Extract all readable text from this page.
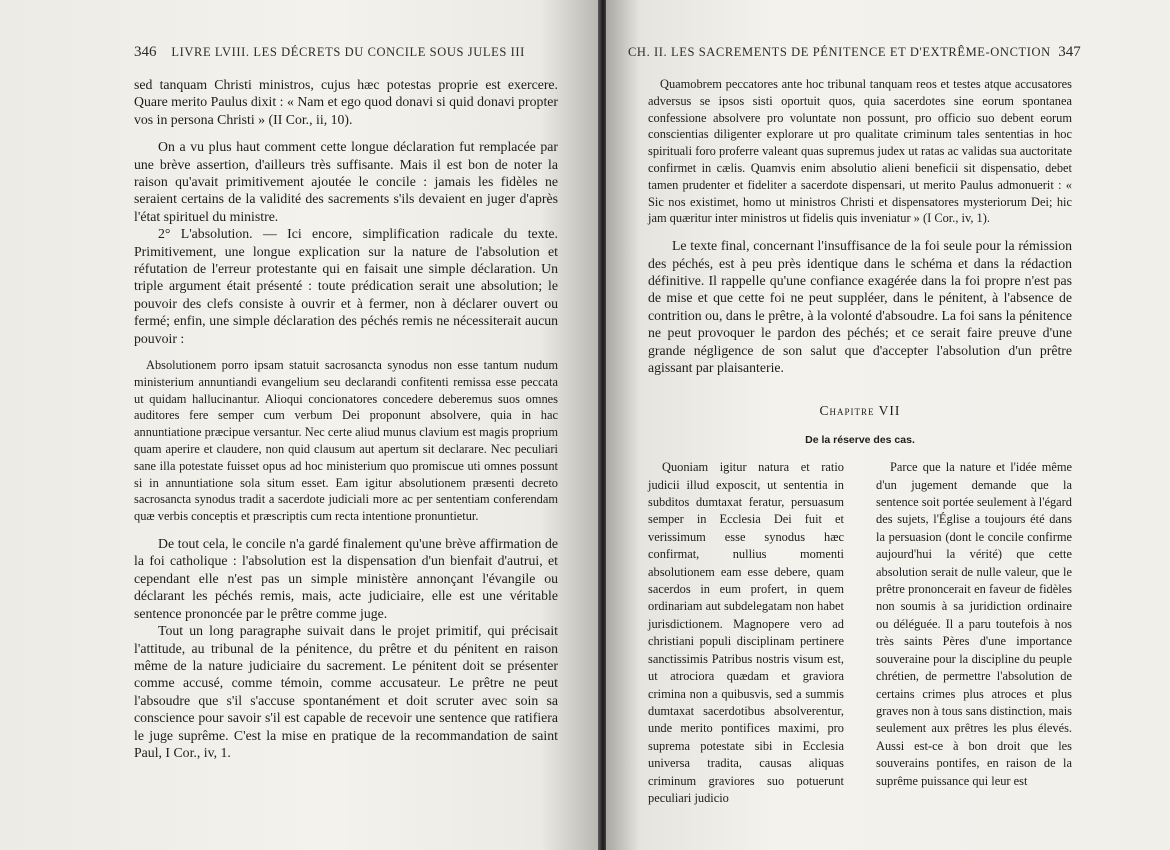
346 LIVRE LVIII. LES DÉCRETS DU CONCILE SOUS JULES III

sed tanquam Christi ministros, cujus hæc potestas proprie est exercere. Quare merito Paulus dixit : « Nam et ego quod donavi si quid donavi propter vos in persona Christi » (II Cor., ii, 10).

On a vu plus haut comment cette longue déclaration fut remplacée par une brève assertion, d'ailleurs très suffisante. Mais il est bon de noter la raison qu'avait primitivement ajoutée le concile : jamais les fidèles ne seraient certains de la validité des sacrements s'ils devaient en juger d'après l'état spirituel du ministre.

2° L'absolution. — Ici encore, simplification radicale du texte. Primitivement, une longue explication sur la nature de l'absolution et réfutation de l'erreur protestante qui en faisait une simple déclaration. Un triple argument était présenté : toute prédication serait une absolution; le pouvoir des clefs consiste à ouvrir et à fermer, non à déclarer ouvert ou fermé; enfin, une simple déclaration des péchés remis ne nécessiterait aucun pouvoir :

Absolutionem porro ipsam statuit sacrosancta synodus non esse tantum nudum ministerium annuntiandi evangelium seu declarandi confitenti remissa esse peccata ut quidam hallucinantur. Alioqui concionatores concedere deberemus suos omnes auditores fere semper cum verbum Dei proponunt absolvere, quia in hac annuntiatione præcipue versantur. Nec certe aliud munus clavium est magis proprium quam aperire et claudere, non quid clausum aut apertum sit declarare. Nec peculiari sane illa potestate fuisset opus ad hoc ministerium quo promiscue uti omnes possunt si in annuntiatione sola situm esset. Eam igitur absolutionem præsenti decreto sacrosancta synodus tradit a sacerdote judiciali more ac per sententiam conferendam quæ verbis conceptis et præscriptis cum recta intentione pronuntietur.

De tout cela, le concile n'a gardé finalement qu'une brève affirmation de la foi catholique : l'absolution est la dispensation d'un bienfait d'autrui, et cependant elle n'est pas un simple ministère annonçant l'évangile ou déclarant les péchés remis, mais, acte judiciaire, elle est une véritable sentence prononcée par le prêtre comme juge.

Tout un long paragraphe suivait dans le projet primitif, qui précisait l'attitude, au tribunal de la pénitence, du prêtre et du pénitent en raison même de la nature judiciaire du sacrement. Le pénitent doit se présenter comme accusé, comme témoin, comme accusateur. Le prêtre ne peut l'absoudre que s'il s'accuse spontanément et doit scruter avec soin sa conscience pour savoir s'il est capable de recevoir une sentence que ratifiera le juge suprême. C'est la mise en pratique de la recommandation de saint Paul, I Cor., iv, 1.

CH. II. LES SACREMENTS DE PÉNITENCE ET D'EXTRÊME-ONCTION 347

Quamobrem peccatores ante hoc tribunal tanquam reos et testes atque accusatores adversus se ipsos sisti oportuit quos, quia sacerdotes sine eorum spontanea confessione absolvere pro voluntate non possunt, pro officio suo debent eorum conscientias diligenter explorare ut pro qualitate criminum tales sententias in hoc spirituali foro proferre valeant quas supremus judex ut ratas ac validas sua auctoritate confirmet in cælis. Quamvis enim absolutio alieni beneficii sit dispensatio, debet tamen prudenter et fideliter a sacerdote dispensari, ut merito Paulus admonuerit : « Sic nos existimet, homo ut ministros Christi et dispensatores mysteriorum Dei; hic jam quæritur inter ministros ut fidelis quis inveniatur » (I Cor., iv, 1).

Le texte final, concernant l'insuffisance de la foi seule pour la rémission des péchés, est à peu près identique dans le schéma et dans la rédaction définitive. Il rappelle qu'une confiance exagérée dans la foi propre n'est pas de mise et que cette foi ne peut suppléer, dans le pénitent, à l'absence de contrition ou, dans le prêtre, à la volonté d'absoudre. La foi sans la pénitence ne peut provoquer le pardon des péchés; et ce serait faire preuve d'une grande négligence de son salut que d'accepter l'absolution d'un prêtre agissant par plaisanterie.

Chapitre VII
De la réserve des cas.

Quoniam igitur natura et ratio judicii illud exposcit, ut sententia in subditos dumtaxat feratur, persuasum semper in Ecclesia Dei fuit et verissimum esse synodus hæc confirmat, nullius momenti absolutionem eam esse debere, quam sacerdos in eum profert, in quem ordinariam aut subdelegatam non habet jurisdictionem. Magnopere vero ad christiani populi disciplinam pertinere sanctissimis Patribus nostris visum est, ut atrociora quædam et graviora crimina non a quibusvis, sed a summis dumtaxat sacerdotibus absolverentur, unde merito pontifices maximi, pro suprema potestate sibi in Ecclesia universa tradita, causas aliquas criminum graviores suo potuerunt peculiari judicio

Parce que la nature et l'idée même d'un jugement demande que la sentence soit portée seulement à l'égard des sujets, l'Église a toujours été dans la persuasion (dont le concile confirme aujourd'hui la vérité) que cette absolution serait de nulle valeur, que le prêtre prononcerait en faveur de fidèles non soumis à sa juridiction ordinaire ou déléguée. Il a paru toutefois à nos très saints Pères d'une importance souveraine pour la discipline du peuple chrétien, de permettre l'absolution de certains crimes plus atroces et plus graves non à tous sans distinction, mais seulement aux prêtres les plus élevés. Aussi est-ce à bon droit que les souverains pontifes, en raison de la suprême puissance qui leur est
